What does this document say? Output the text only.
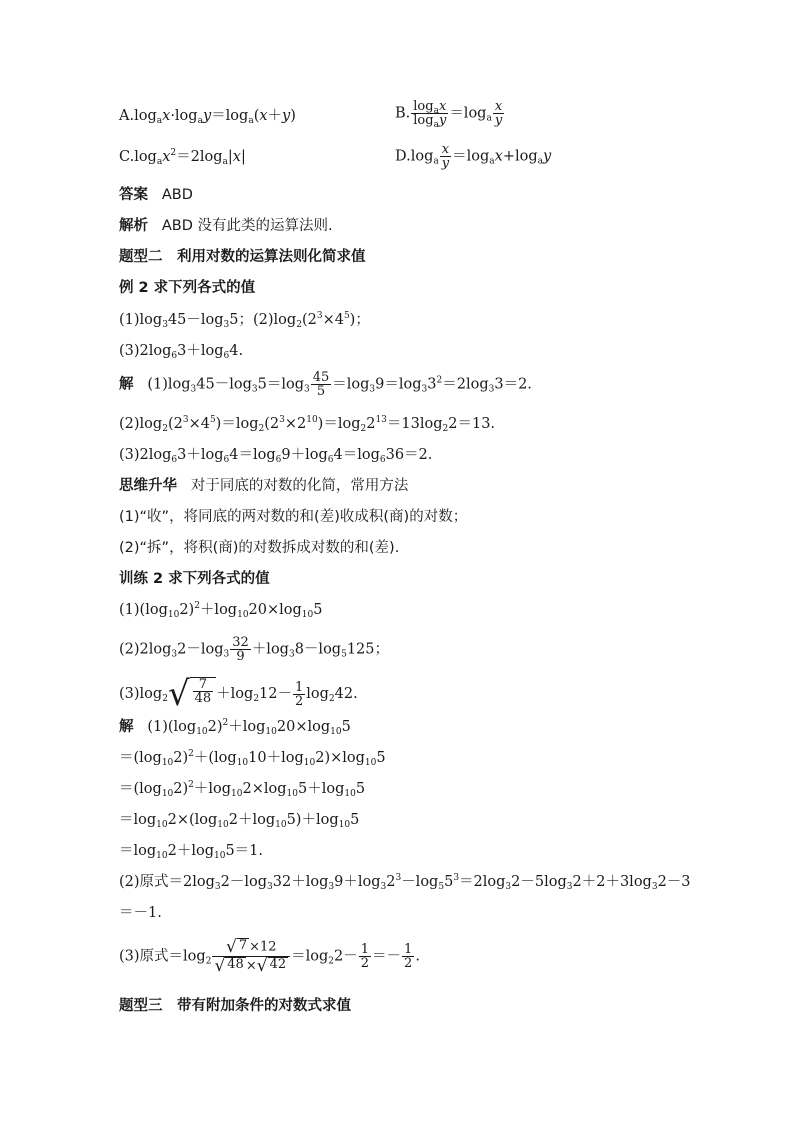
$A.\log_ax\cdot\log_ay=\log_a(x+y)$	B. $\frac{\log_ax}{\log_ay} =\log_a \frac{x}{y}$
$C.\log_ax^2=2\log_a|x|$	$D.\log_a \frac{x}{y} =\log_ax+\log_ay$
答案 ABD
解析 ABD 没有此类的运算法则.
题型二　利用对数的运算法则化简求值
例 2 求下列各式的值
$(1)\log_345-\log_35$；$(2)\log_2(2^3\times 4^5)$；
$(3)2\log_63+\log_64$.
解   $(1)\log_345-\log_35=\log_3 \frac{45}{5} =\log_39=\log_33^2=2\log_33=2$.
$(2)\log_2(2^3\times 4^5)=\log_2(2^3\times 2^{10})=\log_22^{13}=13\log_22=13$.
$(3)2\log_63+\log_64=\log_69+\log_64=\log_636=2$.
思维升华 对于同底的对数的化简，常用方法
(1)“收”，将同底的两对数的和(差)收成积(商)的对数；
(2)“拆”，将积(商)的对数拆成对数的和(差).
训练 2 求下列各式的值
$(1)(\log_{10}2)^2+\log_{10}20\times\log_{10}5$
$(2)2\log_32-\log_3 \frac{32}{9} +\log_38-\log_5125$；
$(3)\log_2√ \frac{7}{48} +\log_212- \frac{1}{2} \log_242$.
解   $(1)(\log_{10}2)^2+\log_{10}20\times\log_{10}5$
$=(\log_{10}2)^2+(\log_{10}10+\log_{10}2)\times\log_{10}5$
$=(\log_{10}2)^2+\log_{10}2\times\log_{10}5+\log_{10}5$
$=\log_{10}2\times(\log_{10}2+\log_{10}5)+\log_{10}5$
$=\log_{10}2+\log_{10}5=1$.
(2)原式$=2\log_32-\log_332+\log_39+\log_32^3-\log_55^3=2\log_32-5\log_32+2+3\log_32-3$
＝－1.
(3)原式$=\log_2 \frac{√ 7 \times 12}{√ 48 \times√ 42} =\log_22- \frac{1}{2} =- \frac{1}{2}$ .
题型三　带有附加条件的对数式求值
